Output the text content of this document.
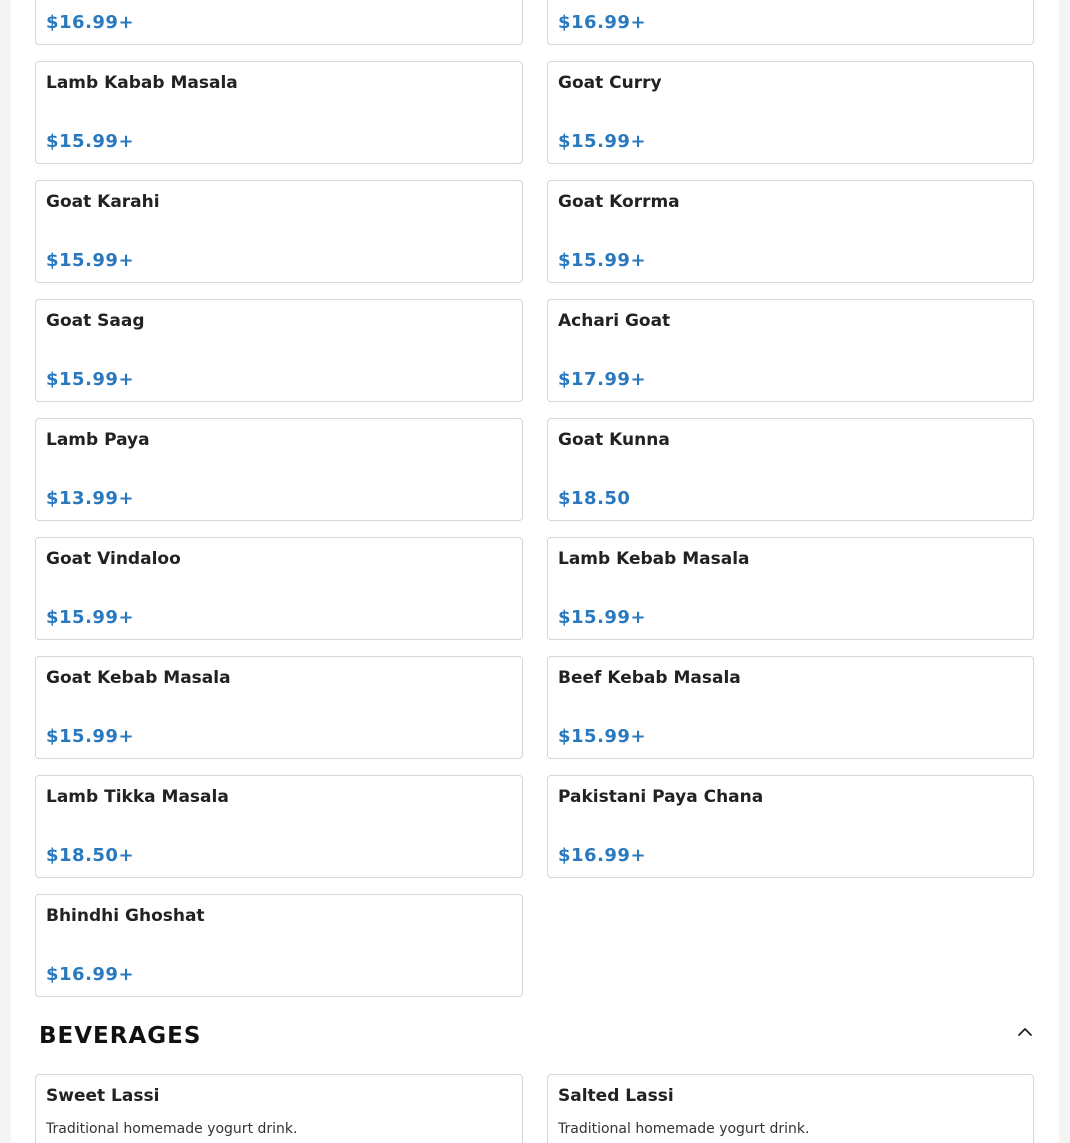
$16.99+	$16.99+
Lamb Kabab Masala
$15.99+
Goat Curry
$15.99+
Goat Karahi
$15.99+
Goat Korrma
$15.99+
Goat Saag
$15.99+
Achari Goat
$17.99+
Lamb Paya
$13.99+
Goat Kunna
$18.50
Goat Vindaloo
$15.99+
Lamb Kebab Masala
$15.99+
Goat Kebab Masala
$15.99+
Beef Kebab Masala
$15.99+
Lamb Tikka Masala
$18.50+
Pakistani Paya Chana
$16.99+
Bhindhi Ghoshat
$16.99+
BEVERAGES
Sweet Lassi
Traditional homemade yogurt drink.
Salted Lassi
Traditional homemade yogurt drink.
